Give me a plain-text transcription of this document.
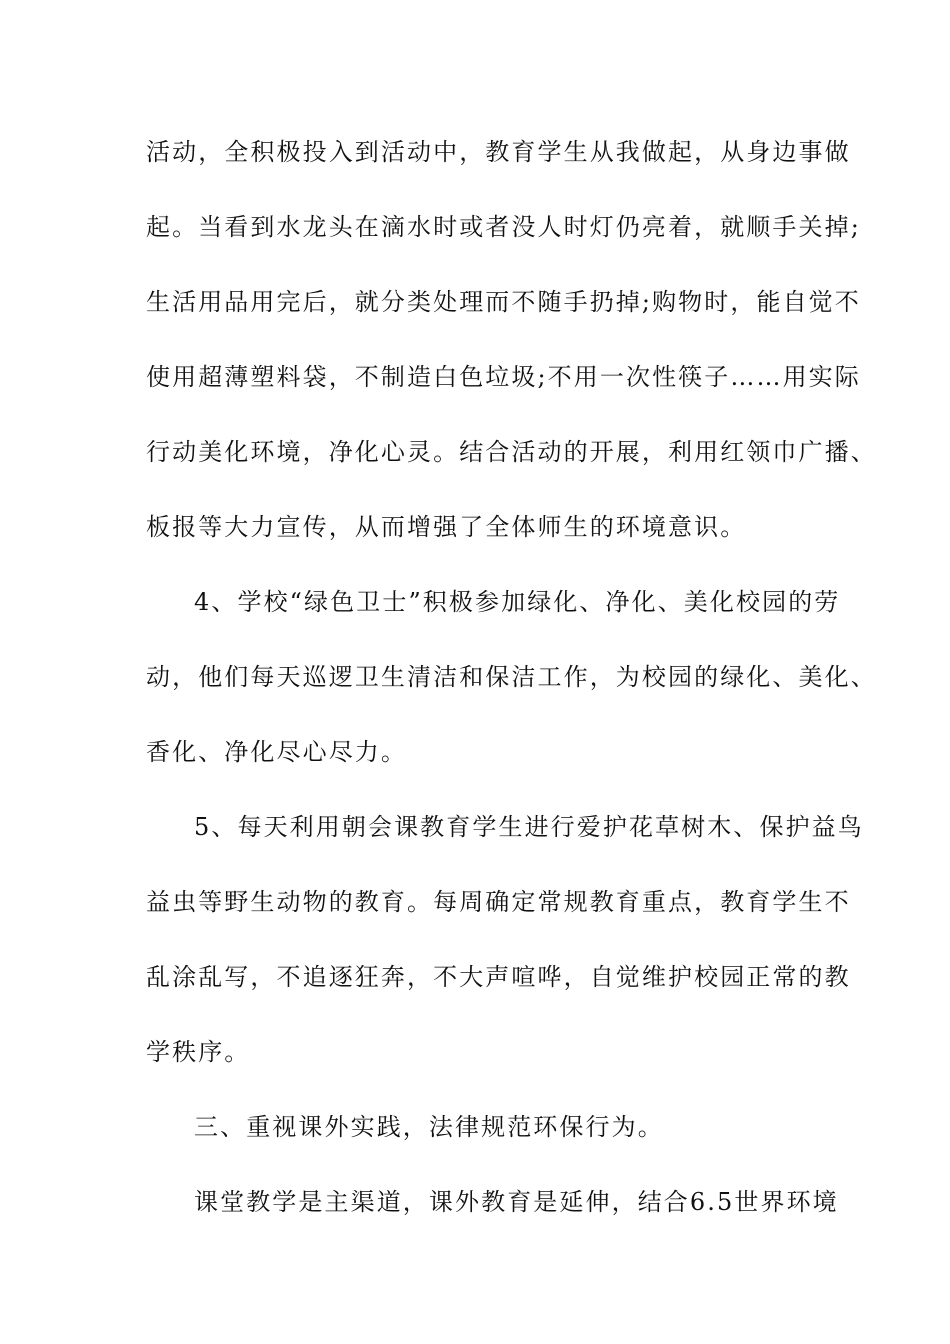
活动，全积极投入到活动中，教育学生从我做起，从身边事做
起。当看到水龙头在滴水时或者没人时灯仍亮着，就顺手关掉;
生活用品用完后，就分类处理而不随手扔掉;购物时，能自觉不
使用超薄塑料袋，不制造白色垃圾;不用一次性筷子……用实际
行动美化环境，净化心灵。结合活动的开展，利用红领巾广播、
板报等大力宣传，从而增强了全体师生的环境意识。
4、学校“绿色卫士”积极参加绿化、净化、美化校园的劳
动，他们每天巡逻卫生清洁和保洁工作，为校园的绿化、美化、
香化、净化尽心尽力。
5、每天利用朝会课教育学生进行爱护花草树木、保护益鸟
益虫等野生动物的教育。每周确定常规教育重点，教育学生不
乱涂乱写，不追逐狂奔，不大声喧哗，自觉维护校园正常的教
学秩序。
三、重视课外实践，法律规范环保行为。
课堂教学是主渠道，课外教育是延伸，结合6.5世界环境
